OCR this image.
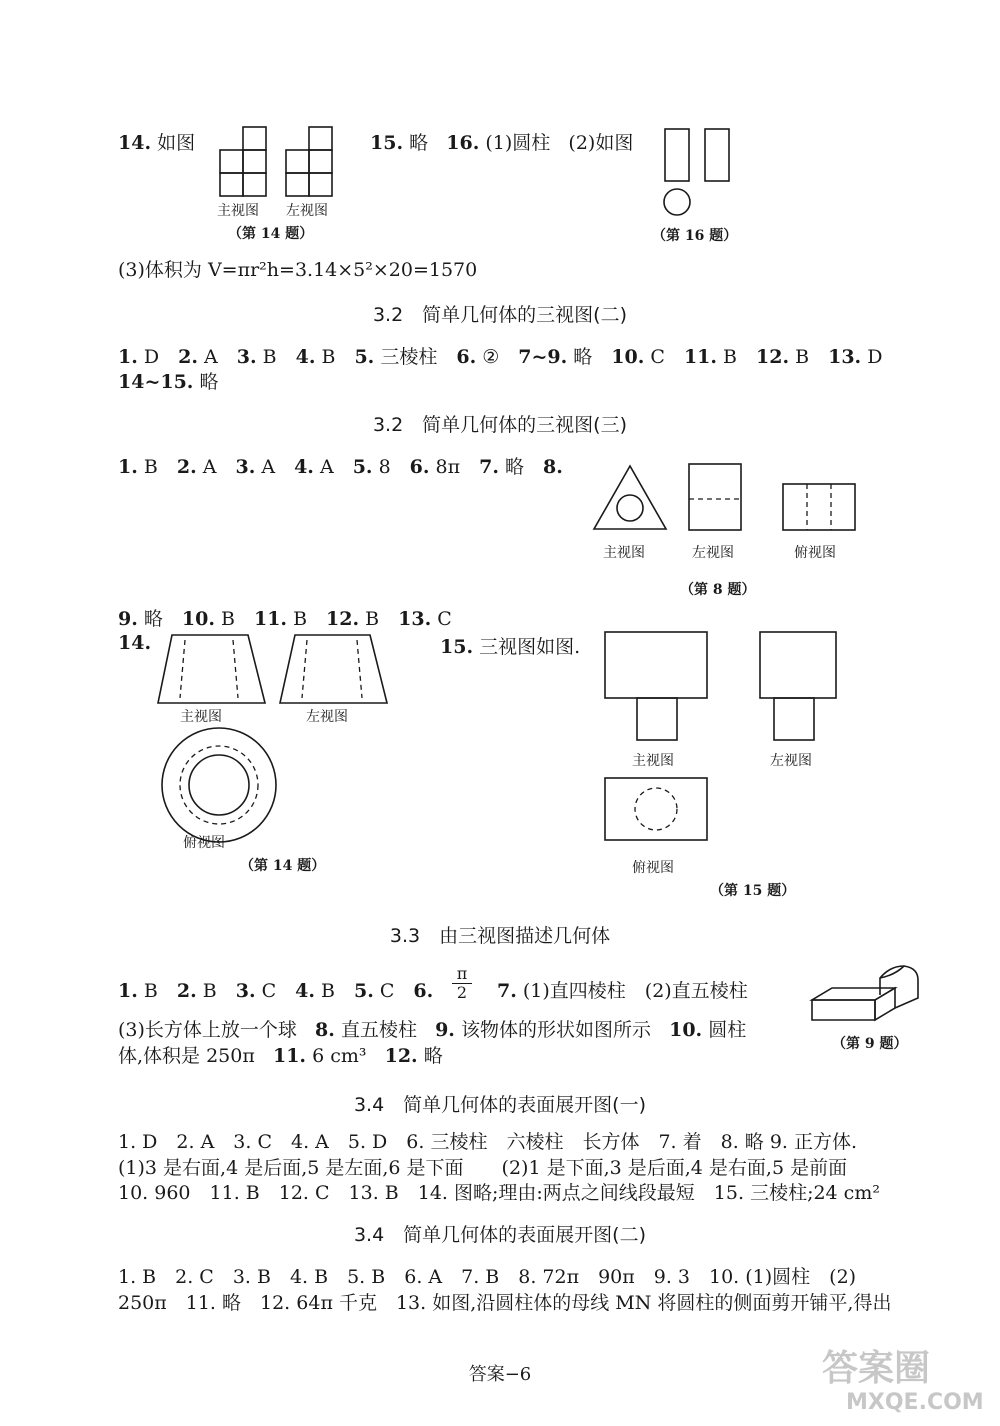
14. 如图
主视图 左视图
（第 14 题）
15. 略 16. (1)圆柱 (2)如图
（第 16 题）
(3)体积为 V=πr²h=3.14×5²×20=1570
3.2　简单几何体的三视图(二)
1. D　2. A　3. B　4. B　5. 三棱柱　6. ②　7~9. 略　10. C　11. B　12. B　13. D　
14~15. 略
3.2　简单几何体的三视图(三)
1. B　2. A　3. A　4. A　5. 8　6. 8π　7. 略　8. 　
主视图	左视图	俯视图
（第 8 题）
9. 略　10. B　11. B　12. B　13. C　
14.
主视图	左视图
俯视图
（第 14 题）
15. 三视图如图.
主视图	左视图
俯视图
（第 15 题）
3.3　由三视图描述几何体
1. B　2. B　3. C　4. B　5. C　6. 　	$\frac{\pi}{2} 7$. (1)直四棱柱　(2)直五棱柱
(3)长方体上放一个球 8. 直五棱柱 9. 该物体的形状如图所示 10. 圆柱
体,体积是 250π 11. 6 cm³ 12. 略
（第 9 题）
3.4　简单几何体的表面展开图(一)
1. D　2. A　3. C　4. A　5. D　6. 三棱柱　六棱柱　长方体　7. 着　8. 略 9. 正方体.
(1)3 是右面,4 是后面,5 是左面,6 是下面　　(2)1 是下面,3 是后面,4 是右面,5 是前面
10. 960　11. B　12. C　13. B　14. 图略;理由:两点之间线段最短　15. 三棱柱;24 cm²
3.4　简单几何体的表面展开图(二)
1. B　2. C　3. B　4. B　5. B　6. A　7. B　8. 72π　90π　9. 3　10. (1)圆柱　(2)
250π　11. 略　12. 64π 千克　13. 如图,沿圆柱体的母线 MN 将圆柱的侧面剪开铺平,得出
答案−6	答案圈
MXQE.COM
